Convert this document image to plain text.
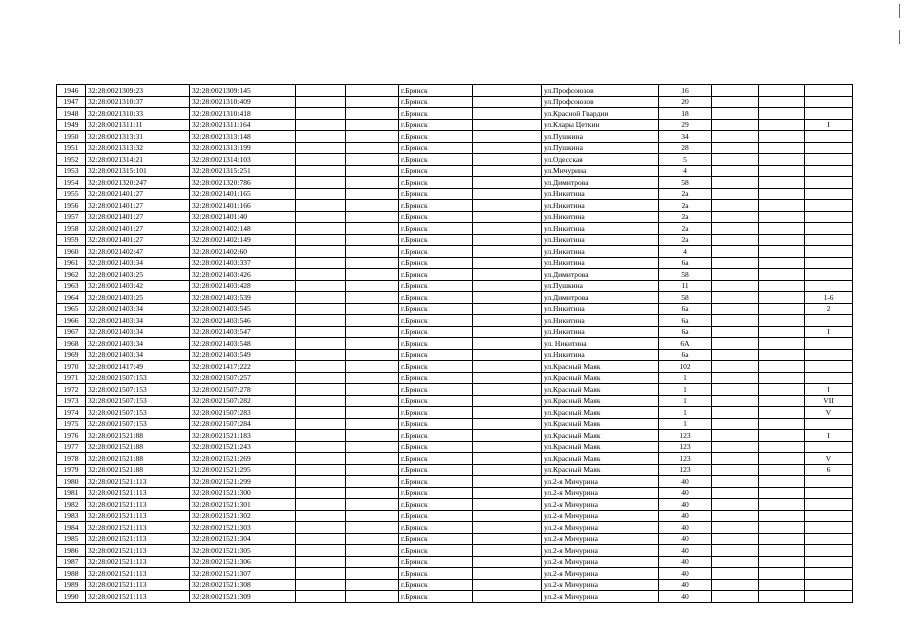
1946	32:28:0021309:23	32:28:0021309:145			г.Брянск		ул.Профсоюзов	16			
1947	32:28:0021310:37	32:28:0021310:409			г.Брянск		ул.Профсоюзов	20			
1948	32:28:0021310:33	32:28:0021310:418			г.Брянск		ул.Красной Гвардии	18			
1949	32:28:0021311:11	32:28:0021311:164			г.Брянск		ул.Клары Цеткин	29			I
1950	32:28:0021313:31	32:28:0021313:148			г.Брянск		ул.Пушкина	34			
1951	32:28:0021313:32	32:28:0021313:199			г.Брянск		ул.Пушкина	28			
1952	32:28:0021314:21	32:28:0021314:103			г.Брянск		ул.Одесская	5			
1953	32:28:0021315:101	32:28:0021315:251			г.Брянск		ул.Мичурина	4			
1954	32:28:0021320:247	32:28:0021320:786			г.Брянск		ул.Димитрова	58			
1955	32:28:0021401:27	32:28:0021401:165			г.Брянск		ул.Никитина	2а			
1956	32:28:0021401:27	32:28:0021401:166			г.Брянск		ул.Никитина	2а			
1957	32:28:0021401:27	32:28:0021401:40			г.Брянск		ул.Никитина	2а			
1958	32:28:0021401:27	32:28:0021402:148			г.Брянск		ул.Никитина	2а			
1959	32:28:0021401:27	32:28:0021402:149			г.Брянск		ул.Никитина	2а			
1960	32:28:0021402:47	32:28:0021402:60			г.Брянск		ул.Никитина	4			
1961	32:28:0021403:34	32:28:0021403:337			г.Брянск		ул.Никитина	6а			
1962	32:28:0021403:25	32:28:0021403:426			г.Брянск		ул.Димитрова	58			
1963	32:28:0021403:42	32:28:0021403:428			г.Брянск		ул.Пушкина	11			
1964	32:28:0021403:25	32:28:0021403:539			г.Брянск		ул.Димитрова	58			1-6
1965	32:28:0021403:34	32:28:0021403:545			г.Брянск		ул.Никитина	6а			2
1966	32:28:0021403:34	32:28:0021403:546			г.Брянск		ул.Никитина	6а			
1967	32:28:0021403:34	32:28:0021403:547			г.Брянск		ул.Никитина	6а			I
1968	32:28:0021403:34	32:28:0021403:548			г.Брянск		ул. Никитина	6А			
1969	32:28:0021403:34	32:28:0021403:549			г.Брянск		ул.Никитина	6а			
1970	32:28:0021417:49	32:28:0021417:222			г.Брянск		ул.Красный Маяк	102			
1971	32:28:0021507:153	32:28:0021507:257			г.Брянск		ул.Красный Маяк	1			
1972	32:28:0021507:153	32:28:0021507:278			г.Брянск		ул.Красный Маяк	1			I
1973	32:28:0021507:153	32:28:0021507:282			г.Брянск		ул.Красный Маяк	1			VII
1974	32:28:0021507:153	32:28:0021507:283			г.Брянск		ул.Красный Маяк	1			V
1975	32:28:0021507:153	32:28:0021507:284			г.Брянск		ул.Красный Маяк	1			
1976	32:28:0021521:88	32:28:0021521:183			г.Брянск		ул.Красный Маяк	123			I
1977	32:28:0021521:88	32:28:0021521:243			г.Брянск		ул.Красный Маяк	123			
1978	32:28:0021521:88	32:28:0021521:269			г.Брянск		ул.Красный Маяк	123			V
1979	32:28:0021521:88	32:28:0021521:295			г.Брянск		ул.Красный Маяк	123			6
1980	32:28:0021521:113	32:28:0021521:299			г.Брянск		ул.2-я Мичурина	40			
1981	32:28:0021521:113	32:28:0021521:300			г.Брянск		ул.2-я Мичурина	40			
1982	32:28:0021521:113	32:28:0021521:301			г.Брянск		ул.2-я Мичурина	40			
1983	32:28:0021521:113	32:28:0021521:302			г.Брянск		ул.2-я Мичурина	40			
1984	32:28:0021521:113	32:28:0021521:303			г.Брянск		ул.2-я Мичурина	40			
1985	32:28:0021521:113	32:28:0021521:304			г.Брянск		ул.2-я Мичурина	40			
1986	32:28:0021521:113	32:28:0021521:305			г.Брянск		ул.2-я Мичурина	40			
1987	32:28:0021521:113	32:28:0021521:306			г.Брянск		ул.2-я Мичурина	40			
1988	32:28:0021521:113	32:28:0021521:307			г.Брянск		ул.2-я Мичурина	40			
1989	32:28:0021521:113	32:28:0021521:308			г.Брянск		ул.2-я Мичурина	40			
1990	32:28:0021521:113	32:28:0021521:309			г.Брянск		ул.2-я Мичурина	40			
